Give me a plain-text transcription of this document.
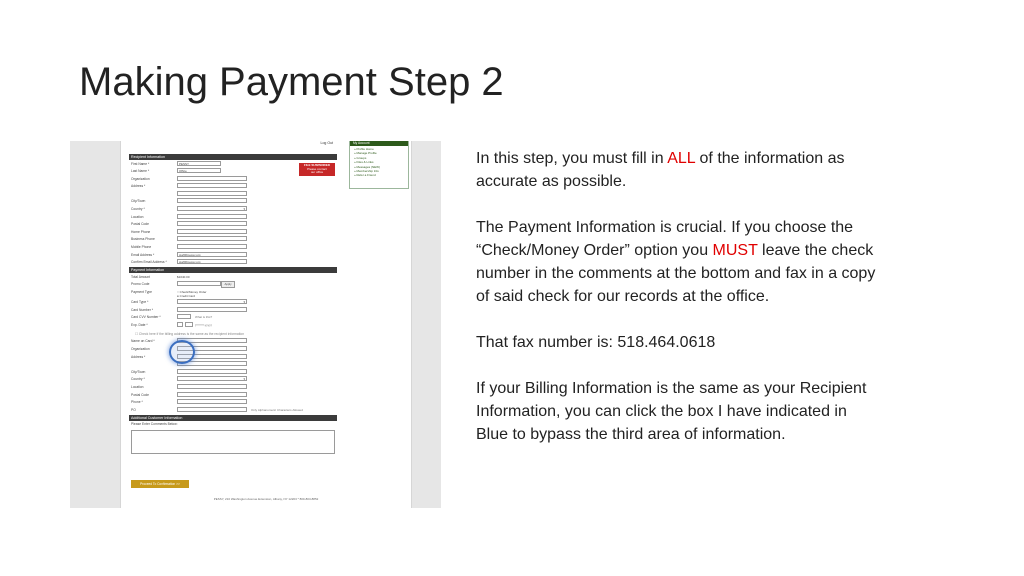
Making Payment Step 2
Log Out
Recipient Information
First Name *	PESSY
Last Name *	Office
Organization
Address *
City/Town
Country *	▾
Location
Postal Code
Home Phone
Business Phone
Mobile Phone
Email Address *	staff@pessy.org
Confirm Email Address *	staff@pessy.org
Payment Information
Total Amount	$1040.00
Promo Code	Apply
Payment Type	○ Check/Money Order
● Credit Card
Card Type *	▾
Card Number *
Card CVV Number *	What is this?
Exp. Date *	(YYYY-yyyy)
☐ Check here if the billing address is the same as the recipient information
Name on Card *
Organization
Address *
City/Town
Country *	▾
Location
Postal Code
Phone *
PO	Only Alphanumeric Characters Allowed
Additional Customer Information
Please Enter Comments Below:
FILE SUSPENDED
Please contact
our office
My Account
» Profile Home
» Manage Profile
» Groups
» Files & Links
» Messages (NEW)
» Membership Info
» Refer a Friend
Proceed To Confirmation >>
PESSY, 210 Washington Avenue Extension, Albany, NY 12203 * 800-803-8852

In this step, you must fill in ALL of the information as accurate as possible.

The Payment Information is crucial. If you choose the “Check/Money Order” option you MUST leave the check number in the comments at the bottom and fax in a copy of said check for our records at the office.

That fax number is: 518.464.0618

If your Billing Information is the same as your Recipient Information, you can click the box I have indicated in Blue to bypass the third area of information.
